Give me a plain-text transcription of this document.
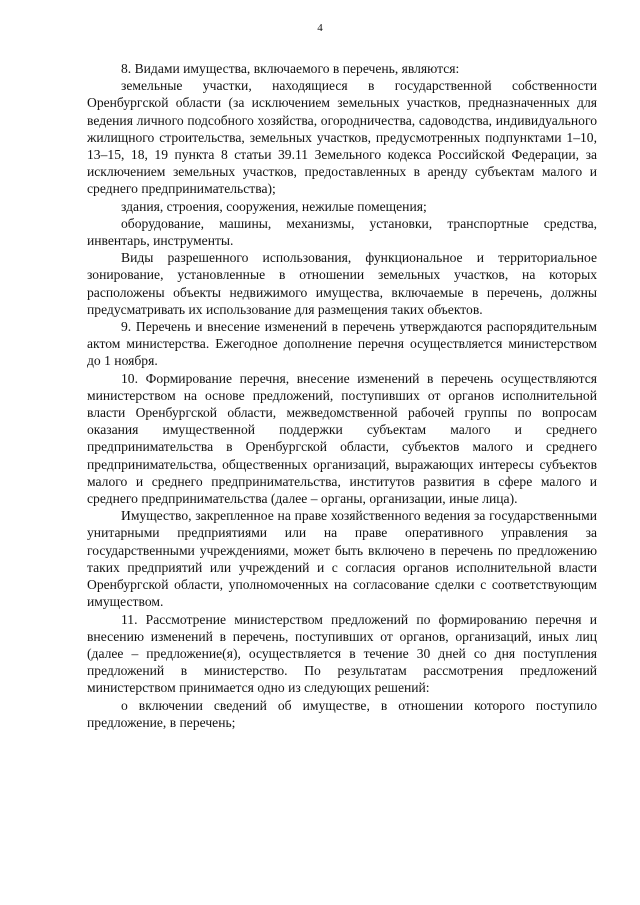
4

8. Видами имущества, включаемого в перечень, являются:

земельные участки, находящиеся в государственной собственности Оренбургской области (за исключением земельных участков, предназначенных для ведения личного подсобного хозяйства, огородничества, садоводства, индивидуального жилищного строительства, земельных участков, предусмотренных подпунктами 1–10, 13–15, 18, 19 пункта 8 статьи 39.11 Земельного кодекса Российской Федерации, за исключением земельных участков, предоставленных в аренду субъектам малого и среднего предпринимательства);

здания, строения, сооружения, нежилые помещения;

оборудование, машины, механизмы, установки, транспортные средства, инвентарь, инструменты.

Виды разрешенного использования, функциональное и территориальное зонирование, установленные в отношении земельных участков, на которых расположены объекты недвижимого имущества, включаемые в перечень, должны предусматривать их использование для размещения таких объектов.

9. Перечень и внесение изменений в перечень утверждаются распорядительным актом министерства. Ежегодное дополнение перечня осуществляется министерством до 1 ноября.

10. Формирование перечня, внесение изменений в перечень осуществляются министерством на основе предложений, поступивших от органов исполнительной власти Оренбургской области, межведомственной рабочей группы по вопросам оказания имущественной поддержки субъектам малого и среднего предпринимательства в Оренбургской области, субъектов малого и среднего предпринимательства, общественных организаций, выражающих интересы субъектов малого и среднего предпринимательства, институтов развития в сфере малого и среднего предпринимательства (далее – органы, организации, иные лица).

Имущество, закрепленное на праве хозяйственного ведения за государственными унитарными предприятиями или на праве оперативного управления за государственными учреждениями, может быть включено в перечень по предложению таких предприятий или учреждений и с согласия органов исполнительной власти Оренбургской области, уполномоченных на согласование сделки с соответствующим имуществом.

11. Рассмотрение министерством предложений по формированию перечня и внесению изменений в перечень, поступивших от органов, организаций, иных лиц (далее – предложение(я), осуществляется в течение 30 дней со дня поступления предложений в министерство. По результатам рассмотрения предложений министерством принимается одно из следующих решений:

о включении сведений об имуществе, в отношении которого поступило предложение, в перечень;
